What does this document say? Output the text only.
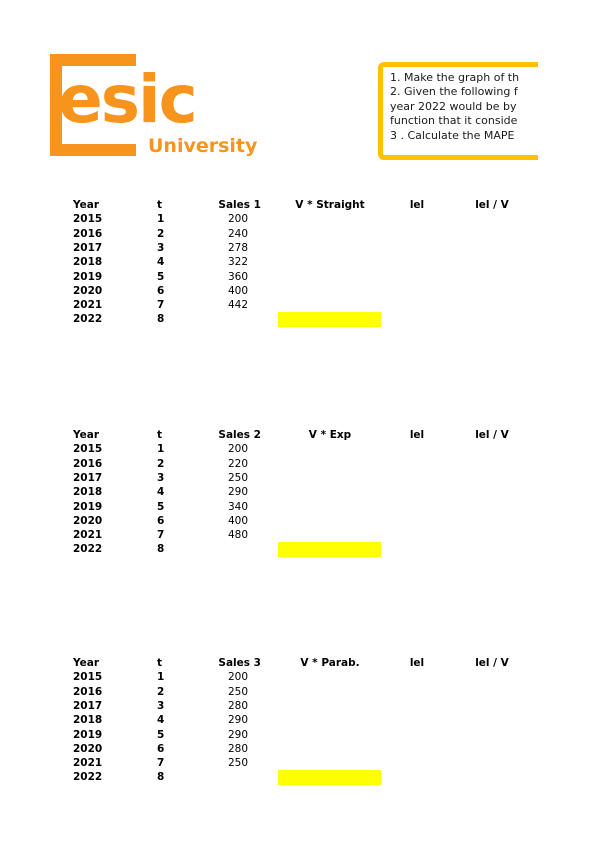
esic
University
1. Make the graph of th
2. Given the following f
year 2022 would be by
function that it conside
3 . Calculate the MAPE
Year	t	Sales 1	V * Straight	lel	lel / V
2015	1	200
2016	2	240
2017	3	278
2018	4	322
2019	5	360
2020	6	400
2021	7	442
2022	8
Year	t	Sales 2	V * Exp	lel	lel / V
2015	1	200
2016	2	220
2017	3	250
2018	4	290
2019	5	340
2020	6	400
2021	7	480
2022	8
Year	t	Sales 3	V * Parab.	lel	lel / V
2015	1	200
2016	2	250
2017	3	280
2018	4	290
2019	5	290
2020	6	280
2021	7	250
2022	8
